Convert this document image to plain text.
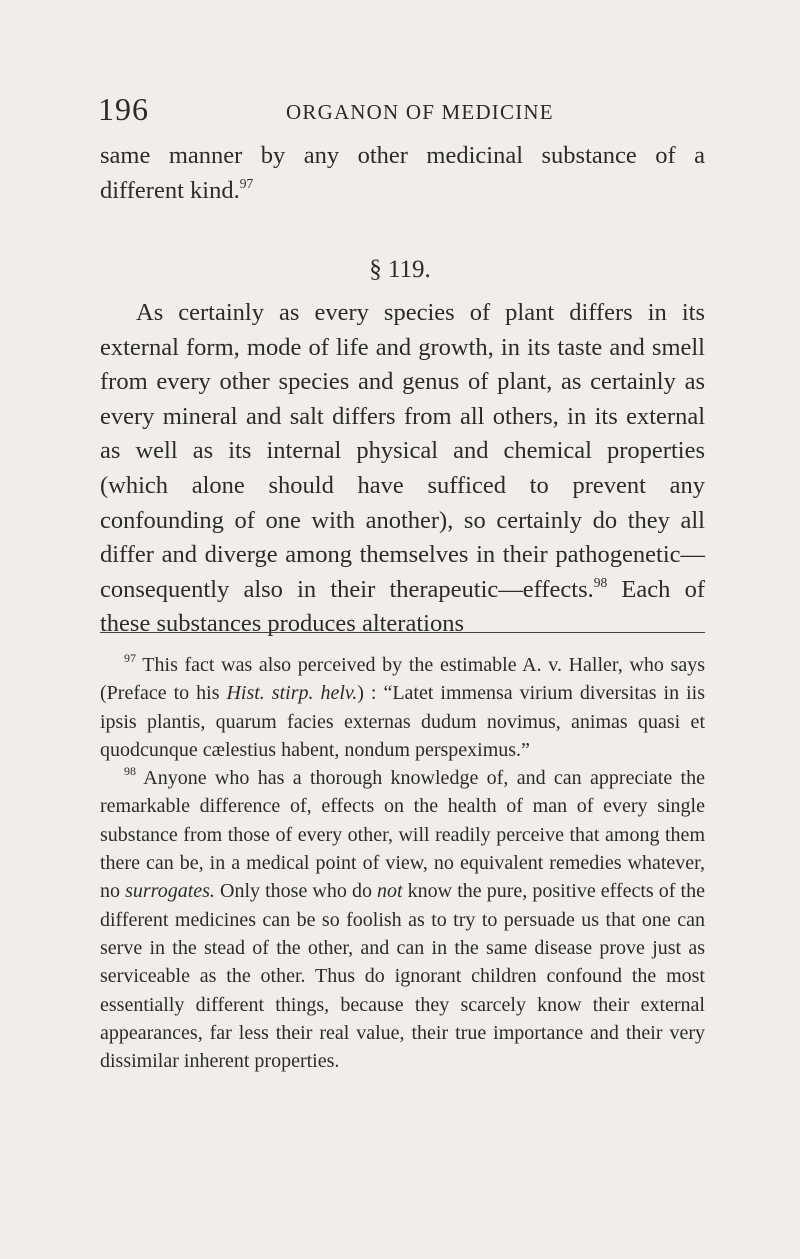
196	ORGANON OF MEDICINE
same manner by any other medicinal substance of a
different kind.$^{97}$
§ 119.
As certainly as every species of plant differs in its external form, mode of life and growth, in its taste and smell from every other species and genus of plant, as certainly as every mineral and salt differs from all others, in its external as well as its internal physical and chemical properties (which alone should have sufficed to prevent any confounding of one with another), so certainly do they all differ and diverge among themselves in their pathogenetic—consequently also in their therapeutic—effects.$^{98}$ Each of these substances produces alterations
$^{97}$ This fact was also perceived by the estimable A. v. Haller, who says (Preface to his Hist. stirp. helv.) : “Latet immensa virium diversitas in iis ipsis plantis, quarum facies externas dudum novimus, animas quasi et quodcunque cælestius habent, nondum perspeximus.”
$^{98}$ Anyone who has a thorough knowledge of, and can appreciate the remarkable difference of, effects on the health of man of every single substance from those of every other, will readily perceive that among them there can be, in a medical point of view, no equivalent remedies whatever, no surrogates. Only those who do not know the pure, positive effects of the different medicines can be so foolish as to try to persuade us that one can serve in the stead of the other, and can in the same disease prove just as serviceable as the other. Thus do ignorant children confound the most essentially different things, because they scarcely know their external appearances, far less their real value, their true importance and their very dissimilar inherent properties.
